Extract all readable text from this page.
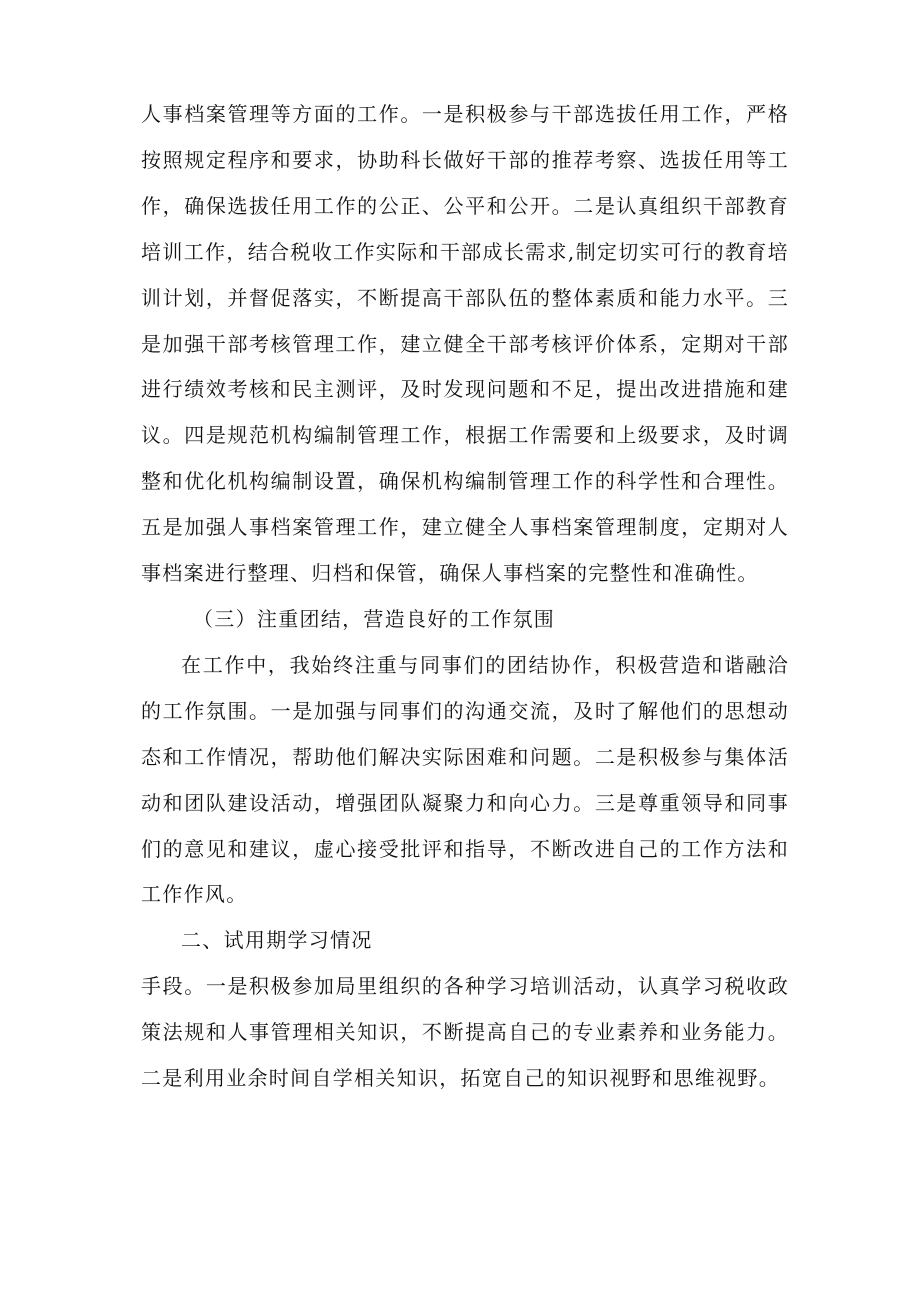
人事档案管理等方面的工作。一是积极参与干部选拔任用工作，严格按照规定程序和要求，协助科长做好干部的推荐考察、选拔任用等工作，确保选拔任用工作的公正、公平和公开。二是认真组织干部教育培训工作，结合税收工作实际和干部成长需求,制定切实可行的教育培训计划，并督促落实，不断提高干部队伍的整体素质和能力水平。三是加强干部考核管理工作，建立健全干部考核评价体系，定期对干部进行绩效考核和民主测评，及时发现问题和不足，提出改进措施和建议。四是规范机构编制管理工作，根据工作需要和上级要求，及时调整和优化机构编制设置，确保机构编制管理工作的科学性和合理性。五是加强人事档案管理工作，建立健全人事档案管理制度，定期对人事档案进行整理、归档和保管，确保人事档案的完整性和准确性。

（三）注重团结，营造良好的工作氛围

在工作中，我始终注重与同事们的团结协作，积极营造和谐融洽的工作氛围。一是加强与同事们的沟通交流，及时了解他们的思想动态和工作情况，帮助他们解决实际困难和问题。二是积极参与集体活动和团队建设活动，增强团队凝聚力和向心力。三是尊重领导和同事们的意见和建议，虚心接受批评和指导，不断改进自己的工作方法和工作作风。

二、试用期学习情况

手段。一是积极参加局里组织的各种学习培训活动，认真学习税收政策法规和人事管理相关知识，不断提高自己的专业素养和业务能力。二是利用业余时间自学相关知识，拓宽自己的知识视野和思维视野。
